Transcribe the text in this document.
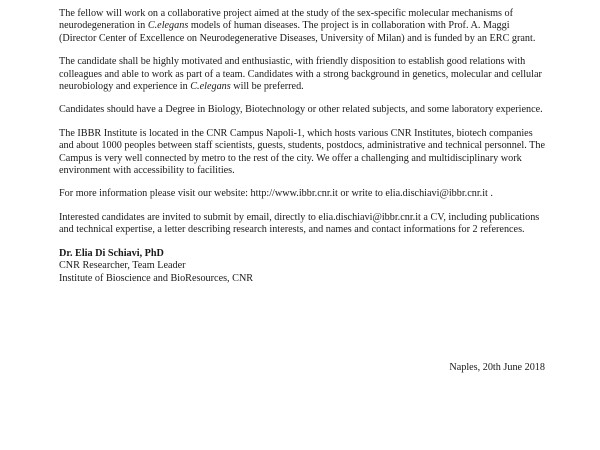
The fellow will work on a collaborative project aimed at the study of the sex-specific molecular mechanisms of neurodegeneration in C.elegans models of human diseases. The project is in collaboration with Prof. A. Maggi (Director Center of Excellence on Neurodegenerative Diseases, University of Milan) and is funded by an ERC grant.

The candidate shall be highly motivated and enthusiastic, with friendly disposition to establish good relations with colleagues and able to work as part of a team. Candidates with a strong background in genetics, molecular and cellular neurobiology and experience in C.elegans will be preferred.

Candidates should have a Degree in Biology, Biotechnology or other related subjects, and some laboratory experience.

The IBBR Institute is located in the CNR Campus Napoli-1, which hosts various CNR Institutes, biotech companies and about 1000 peoples between staff scientists, guests, students, postdocs, administrative and technical personnel. The Campus is very well connected by metro to the rest of the city. We offer a challenging and multidisciplinary work environment with accessibility to facilities.

For more information please visit our website: http://www.ibbr.cnr.it or write to elia.dischiavi@ibbr.cnr.it .

Interested candidates are invited to submit by email, directly to elia.dischiavi@ibbr.cnr.it a CV, including publications and technical expertise, a letter describing research interests, and names and contact informations for 2 references.

Dr. Elia Di Schiavi, PhD
CNR Researcher, Team Leader
Institute of Bioscience and BioResources, CNR
Naples, 20th June 2018
